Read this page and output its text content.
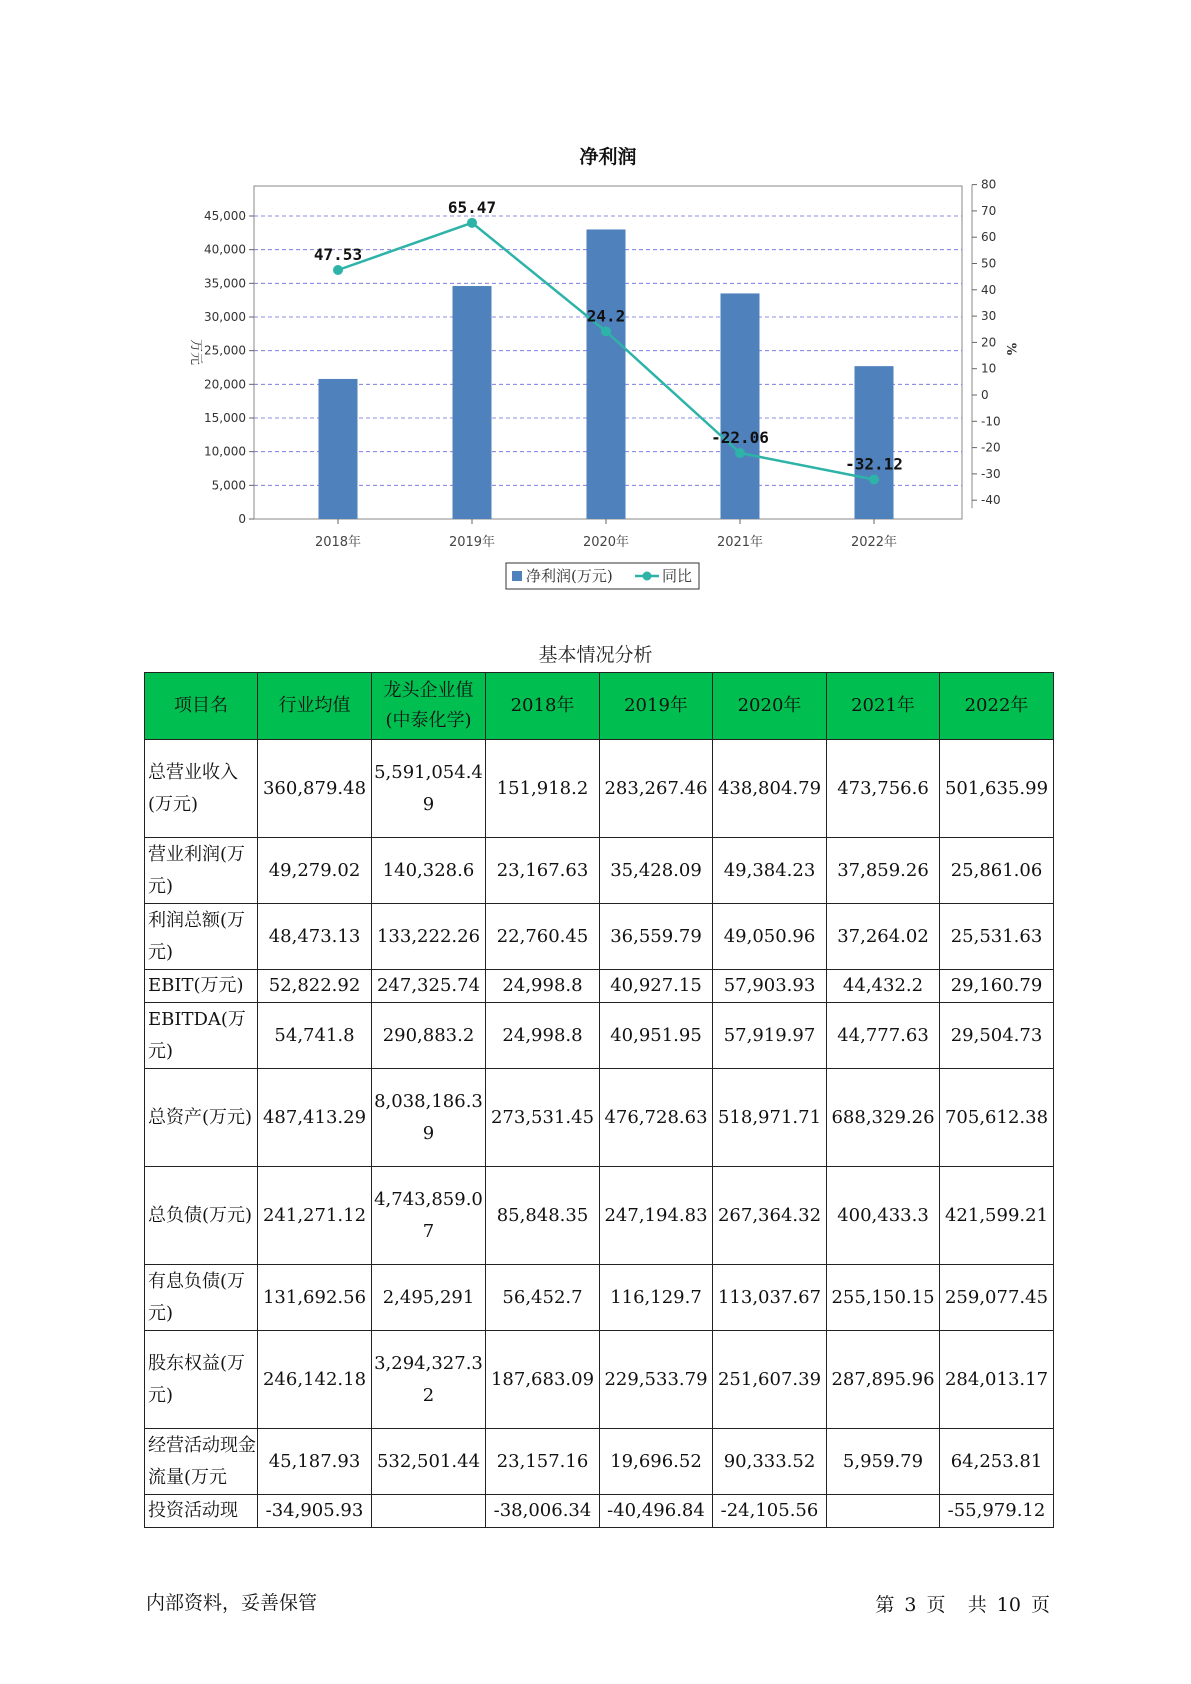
净利润
0
5,000
10,000
15,000
20,000
25,000
30,000
35,000
40,000
45,000
-40
-30
-20
-10
0
10
20
30
40
50
60
70
80
万元	%
2018年	2019年	2020年	2021年	2022年
47.53
65.47
24.2
-22.06
-32.12
净利润(万元)	同比
基本情况分析
项目名	行业均值	龙头企业值(中泰化学)	2018年	2019年	2020年	2021年	2022年
总营业收入(万元)	360,879.48	5,591,054.49	151,918.2	283,267.46	438,804.79	473,756.6	501,635.99
营业利润(万元)	49,279.02	140,328.6	23,167.63	35,428.09	49,384.23	37,859.26	25,861.06
利润总额(万元)	48,473.13	133,222.26	22,760.45	36,559.79	49,050.96	37,264.02	25,531.63
EBIT(万元)	52,822.92	247,325.74	24,998.8	40,927.15	57,903.93	44,432.2	29,160.79
EBITDA(万元)	54,741.8	290,883.2	24,998.8	40,951.95	57,919.97	44,777.63	29,504.73
总资产(万元)	487,413.29	8,038,186.39	273,531.45	476,728.63	518,971.71	688,329.26	705,612.38
总负债(万元)	241,271.12	4,743,859.07	85,848.35	247,194.83	267,364.32	400,433.3	421,599.21
有息负债(万元)	131,692.56	2,495,291	56,452.7	116,129.7	113,037.67	255,150.15	259,077.45
股东权益(万元)	246,142.18	3,294,327.32	187,683.09	229,533.79	251,607.39	287,895.96	284,013.17
经营活动现金流量(万元	45,187.93	532,501.44	23,157.16	19,696.52	90,333.52	5,959.79	64,253.81
投资活动现	-34,905.93		-38,006.34	-40,496.84	-24,105.56		-55,979.12
内部资料，妥善保管	第 3 页 共 10 页
